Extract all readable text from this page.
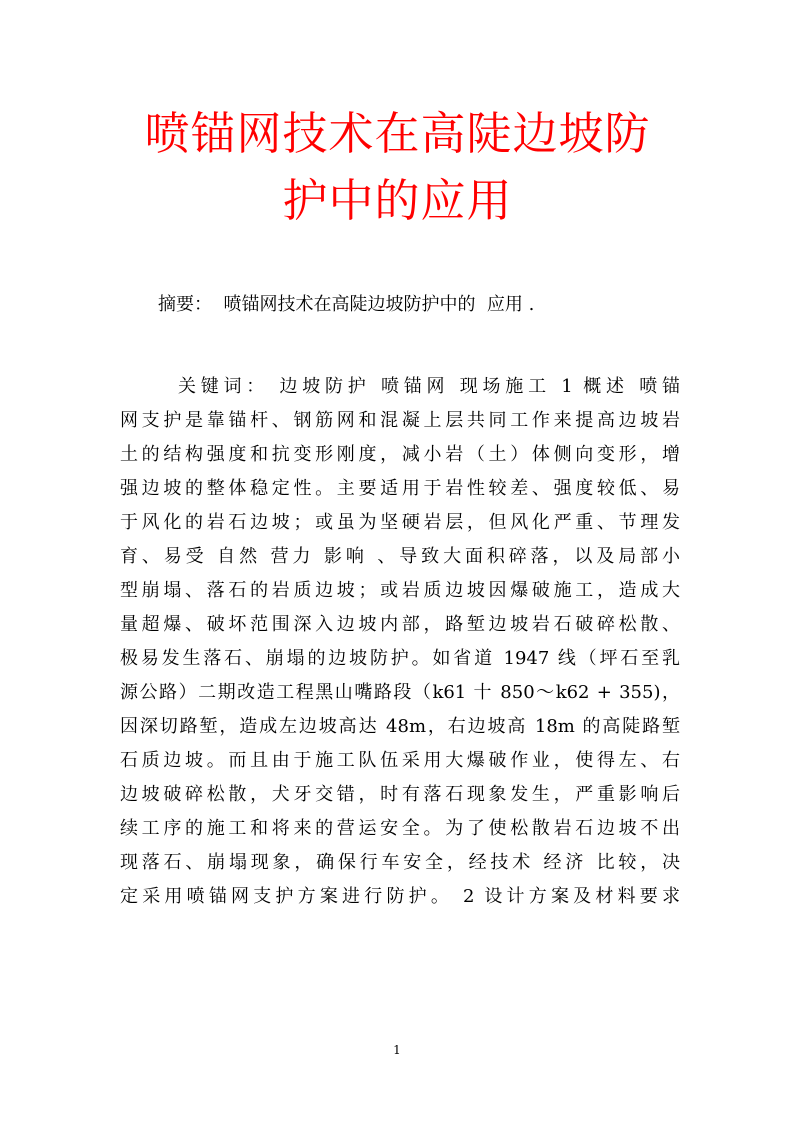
喷锚网技术在高陡边坡防
护中的应用

摘要：  喷锚网技术在高陡边坡防护中的  应用 .

关键词： 边坡防护 喷锚网 现场施工 1 概述 喷锚
网支护是靠锚杆、钢筋网和混凝上层共同工作来提高边坡岩
土的结构强度和抗变形刚度，减小岩（土）体侧向变形，增
强边坡的整体稳定性。主要适用于岩性较差、强度较低、易
于风化的岩石边坡；或虽为坚硬岩层，但风化严重、节理发
育、易受 自然 营力 影响 、导致大面积碎落，以及局部小
型崩塌、落石的岩质边坡；或岩质边坡因爆破施工，造成大
量超爆、破坏范围深入边坡内部，路堑边坡岩石破碎松散、
极易发生落石、崩塌的边坡防护。如省道 1947 线（坪石至乳
源公路）二期改造工程黑山嘴路段（k61 十 850～k62 + 355)，
因深切路堑，造成左边坡高达 48m，右边坡高 18m 的高陡路堑
石质边坡。而且由于施工队伍采用大爆破作业，使得左、右
边坡破碎松散，犬牙交错，时有落石现象发生，严重影响后
续工序的施工和将来的营运安全。为了使松散岩石边坡不出
现落石、崩塌现象，确保行车安全，经技术 经济 比较，决
定采用喷锚网支护方案进行防护。 2 设计方案及材料要求
1
